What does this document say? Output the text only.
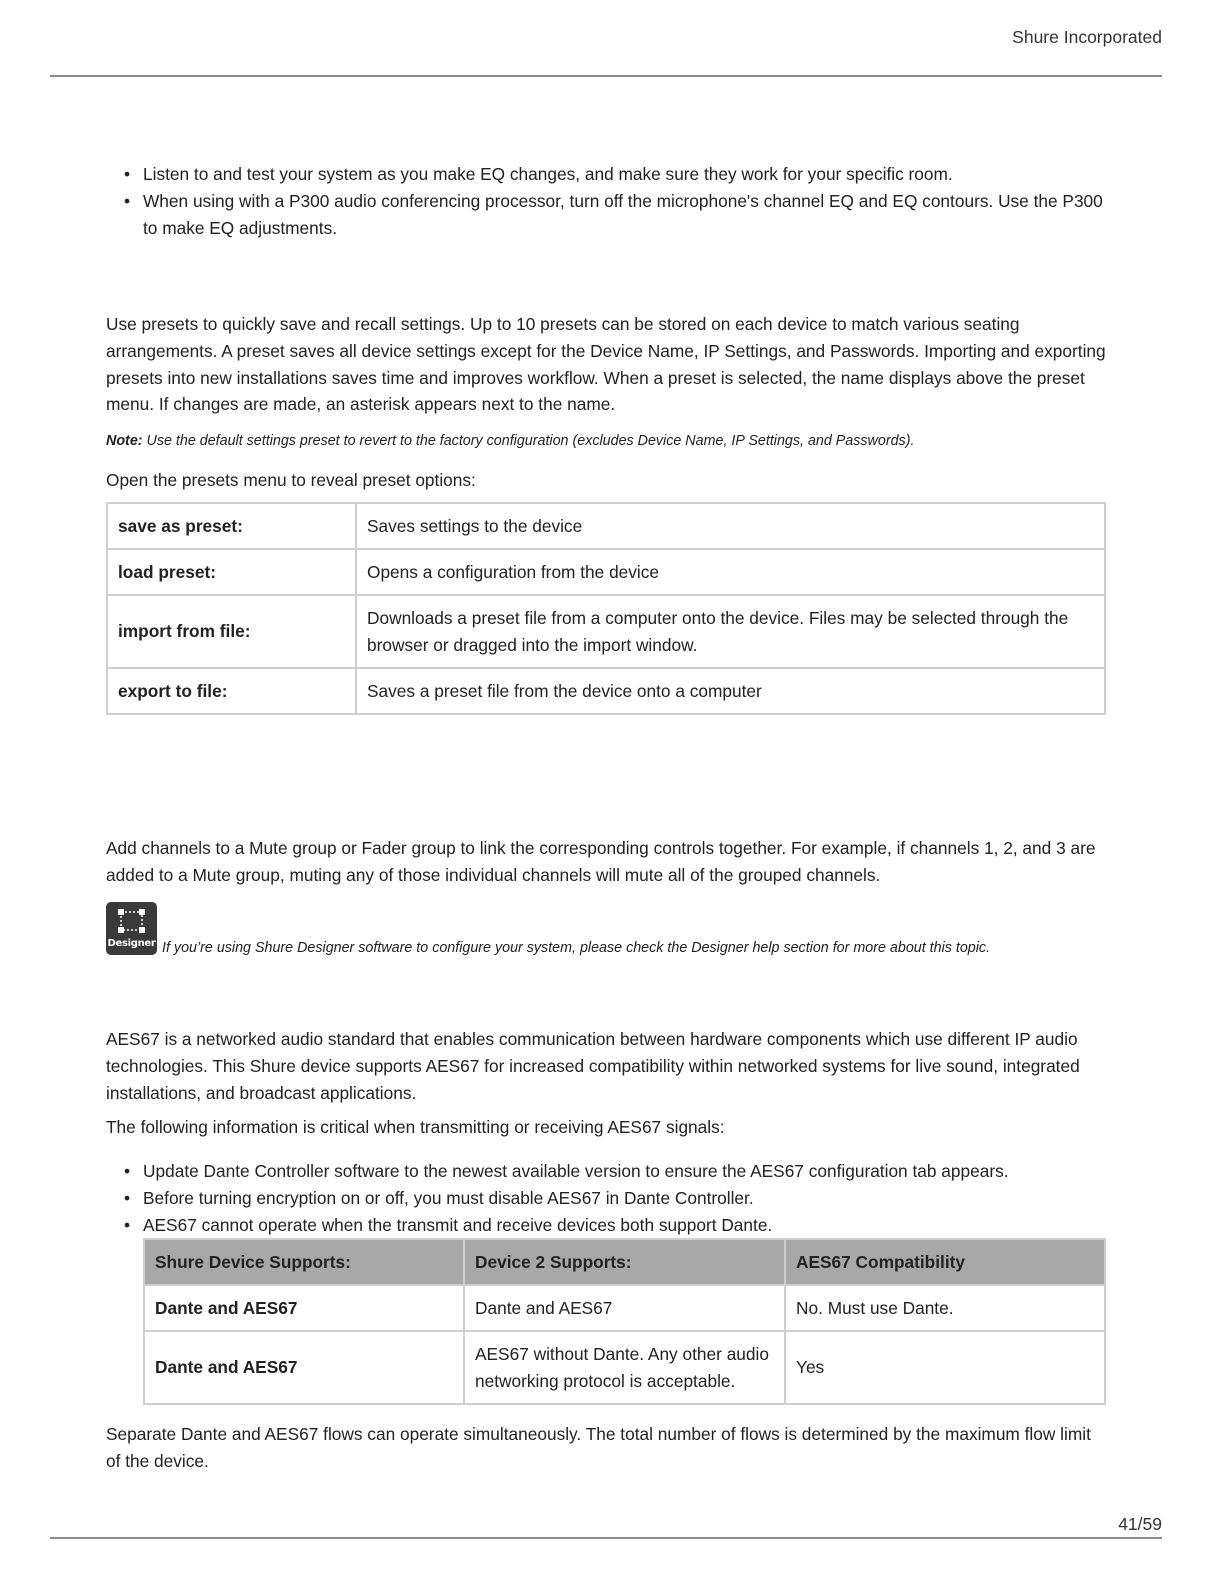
Shure Incorporated
• Listen to and test your system as you make EQ changes, and make sure they work for your specific room.
• When using with a P300 audio conferencing processor, turn off the microphone's channel EQ and EQ contours. Use the P300 to make EQ adjustments.

Use presets to quickly save and recall settings. Up to 10 presets can be stored on each device to match various seating arrangements. A preset saves all device settings except for the Device Name, IP Settings, and Passwords. Importing and exporting presets into new installations saves time and improves workflow. When a preset is selected, the name displays above the preset menu. If changes are made, an asterisk appears next to the name.

Note: Use the default settings preset to revert to the factory configuration (excludes Device Name, IP Settings, and Passwords).

Open the presets menu to reveal preset options:

save as preset:	Saves settings to the device
load preset:	Opens a configuration from the device
import from file:	Downloads a preset file from a computer onto the device. Files may be selected through the browser or dragged into the import window.
export to file:	Saves a preset file from the device onto a computer

Add channels to a Mute group or Fader group to link the corresponding controls together. For example, if channels 1, 2, and 3 are added to a Mute group, muting any of those individual channels will mute all of the grouped channels.

Designer If you’re using Shure Designer software to configure your system, please check the Designer help section for more about this topic.

AES67 is a networked audio standard that enables communication between hardware components which use different IP audio technologies. This Shure device supports AES67 for increased compatibility within networked systems for live sound, integrated installations, and broadcast applications.

The following information is critical when transmitting or receiving AES67 signals:

• Update Dante Controller software to the newest available version to ensure the AES67 configuration tab appears.
• Before turning encryption on or off, you must disable AES67 in Dante Controller.
• AES67 cannot operate when the transmit and receive devices both support Dante.
Shure Device Supports:	Device 2 Supports:	AES67 Compatibility
Dante and AES67	Dante and AES67	No. Must use Dante.
Dante and AES67	AES67 without Dante. Any other audio networking protocol is acceptable.	Yes

Separate Dante and AES67 flows can operate simultaneously. The total number of flows is determined by the maximum flow limit of the device.

41/59
